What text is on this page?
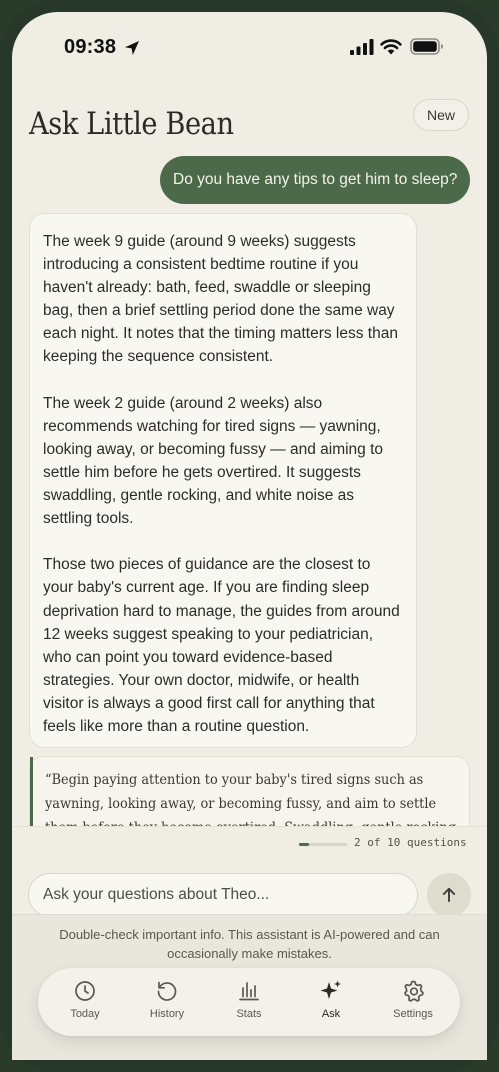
09:38
Ask Little Bean	New
Do you have any tips to get him to sleep?

The week 9 guide (around 9 weeks) suggests introducing a consistent bedtime routine if you haven't already: bath, feed, swaddle or sleeping bag, then a brief settling period done the same way each night. It notes that the timing matters less than keeping the sequence consistent.

The week 2 guide (around 2 weeks) also recommends watching for tired signs — yawning, looking away, or becoming fussy — and aiming to settle him before he gets overtired. It suggests swaddling, gentle rocking, and white noise as settling tools.

Those two pieces of guidance are the closest to your baby's current age. If you are finding sleep deprivation hard to manage, the guides from around 12 weeks suggest speaking to your pediatrician, who can point you toward evidence-based strategies. Your own doctor, midwife, or health visitor is always a good first call for anything that feels like more than a routine question.

“Begin paying attention to your baby's tired signs such as yawning, looking away, or becoming fussy, and aim to settle
2 of 10 questions
Ask your questions about Theo...
Double-check important info. This assistant is AI-powered and can occasionally make mistakes.
Today	History	Stats	Ask	Settings
